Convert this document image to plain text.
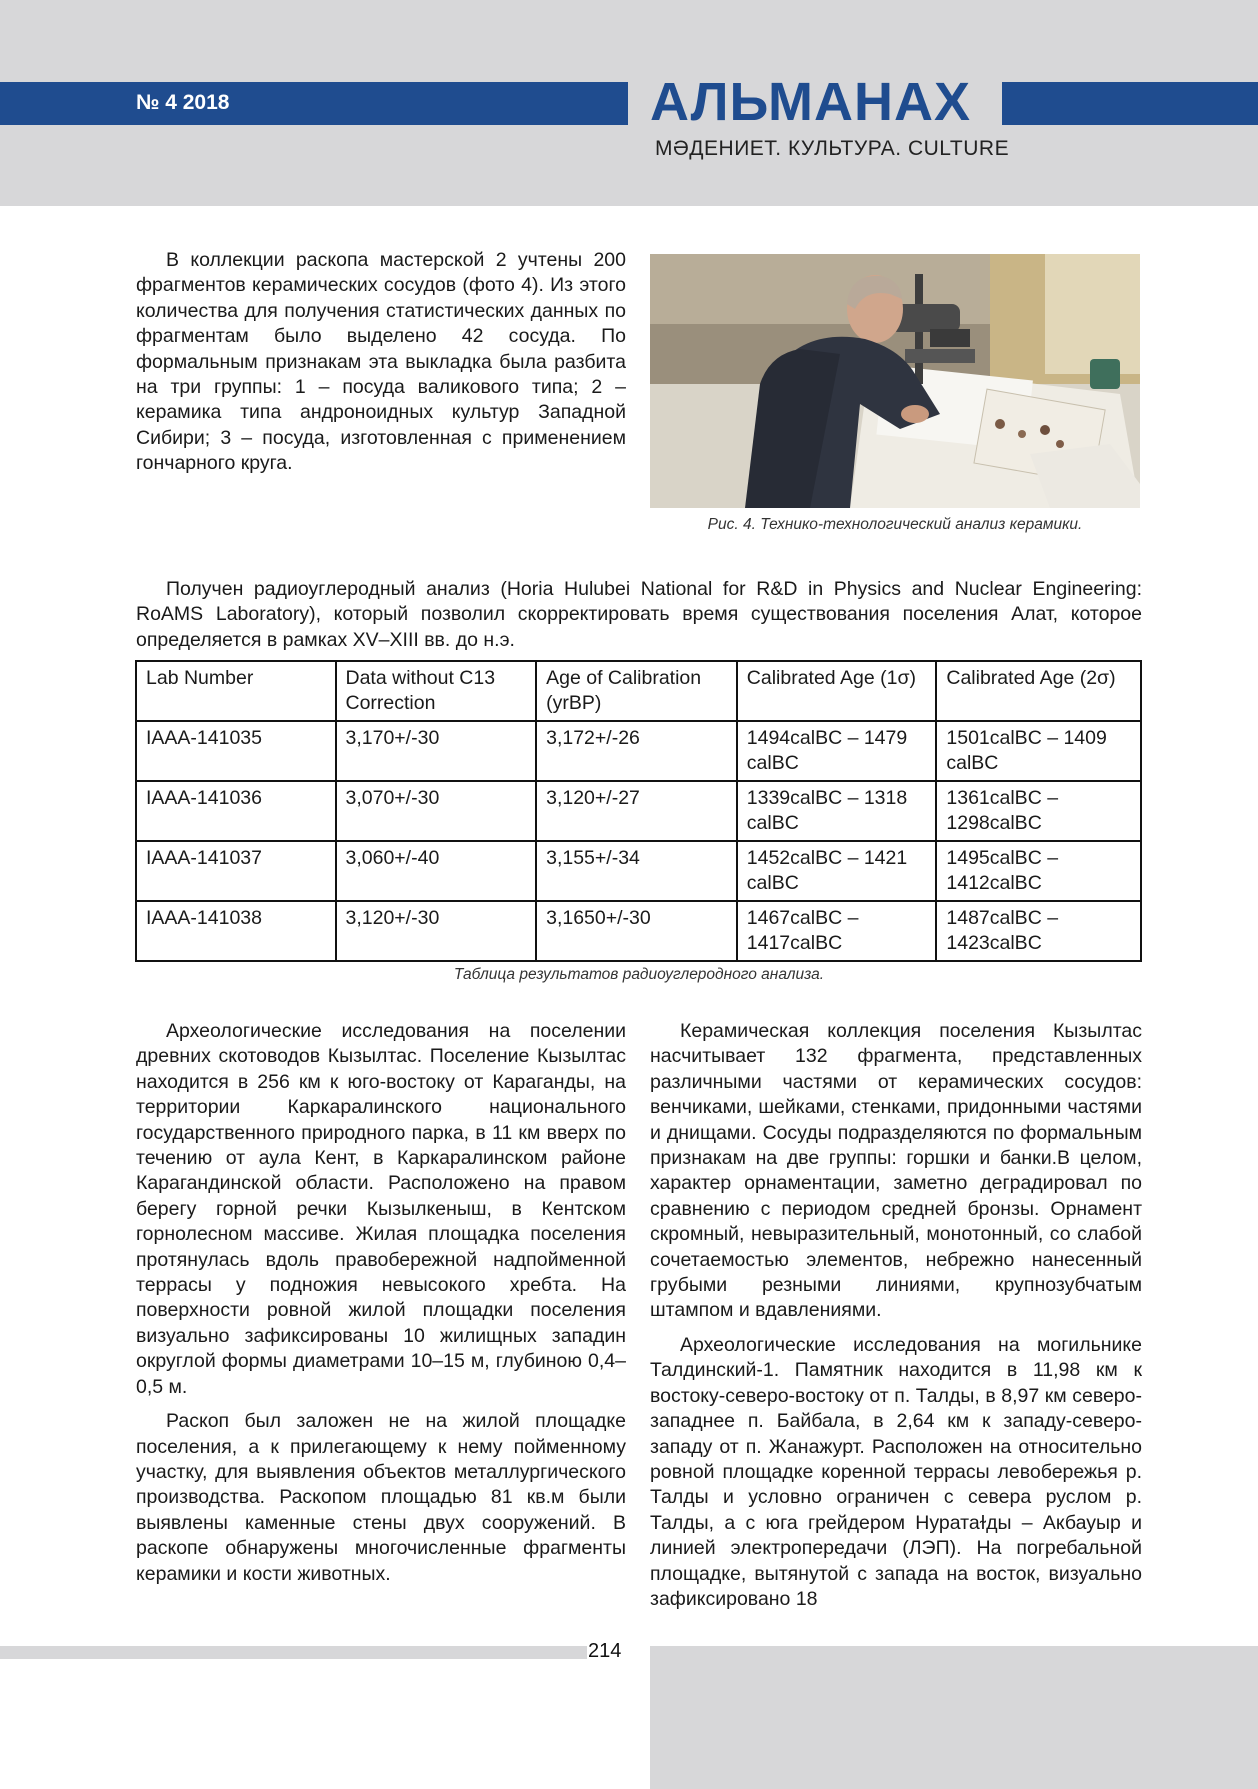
№ 4 2018	АЛЬМАНАХ
МӘДЕНИЕТ. КУЛЬТУРА. CULTURE

В коллекции раскопа мастерской 2 учтены 200 фрагментов керамических сосудов (фото 4). Из этого количества для получения статистических данных по фрагментам было выделено 42 сосуда. По формальным признакам эта выкладка была разбита на три группы: 1 – посуда валикового типа; 2 – керамика типа андроноидных культур Западной Сибири; 3 – посуда, изготовленная с применением гончарного круга.

Рис. 4. Технико-технологический анализ керамики.

Получен радиоуглеродный анализ (Horia Hulubei National for R&D in Physics and Nuclear Engineering: RoAMS Laboratory), который позволил скорректировать время существования поселения Алат, которое определяется в рамках XV–XIII вв. до н.э.

Lab Number	Data without C13 Correction	Age of Calibration (yrBP)	Calibrated Age (1σ)	Calibrated Age (2σ)
IAAA-141035	3,170+/-30	3,172+/-26	1494calBC – 1479 calBC	1501calBC – 1409 calBC
IAAA-141036	3,070+/-30	3,120+/-27	1339calBC – 1318 calBC	1361calBC – 1298calBC
IAAA-141037	3,060+/-40	3,155+/-34	1452calBC – 1421 calBC	1495calBC – 1412calBC
IAAA-141038	3,120+/-30	3,1650+/-30	1467calBC – 1417calBC	1487calBC – 1423calBC
Таблица результатов радиоуглеродного анализа.

Археологические исследования на поселении древних скотоводов Кызылтас. Поселение Кызылтас находится в 256 км к юго-востоку от Караганды, на территории Каркаралинского национального государственного природного парка, в 11 км вверх по течению от аула Кент, в Каркаралинском районе Карагандинской области. Расположено на правом берегу горной речки Кызылкеныш, в Кентском горнолесном массиве. Жилая площадка поселения протянулась вдоль правобережной надпойменной террасы у подножия невысокого хребта. На поверхности ровной жилой площадки поселения визуально зафиксированы 10 жилищных западин округлой формы диаметрами 10–15 м, глубиною 0,4–0,5 м.

Раскоп был заложен не на жилой площадке поселения, а к прилегающему к нему пойменному участку, для выявления объектов металлургического производства. Раскопом площадью 81 кв.м были выявлены каменные стены двух сооружений. В раскопе обнаружены многочисленные фрагменты керамики и кости животных.

Керамическая коллекция поселения Кызылтас насчитывает 132 фрагмента, представленных различными частями от керамических сосудов: венчиками, шейками, стенками, придонными частями и днищами. Сосуды подразделяются по формальным признакам на две группы: горшки и банки.В целом, характер орнаментации, заметно деградировал по сравнению с периодом средней бронзы. Орнамент скромный, невыразительный, монотонный, со слабой сочетаемостью элементов, небрежно нанесенный грубыми резными линиями, крупнозубчатым штампом и вдавлениями.

Археологические исследования на могильнике Талдинский-1. Памятник находится в 11,98 км к востоку-северо-востоку от п. Талды, в 8,97 км северо-западнее п. Байбала, в 2,64 км к западу-северо-западу от п. Жанажурт. Расположен на относительно ровной площадке коренной террасы левобережья р. Талды и условно ограничен с севера руслом р. Талды, а с юга грейдером Нуратаɫды – Акбауыр и линией электропередачи (ЛЭП). На погребальной площадке, вытянутой с запада на восток, визуально зафиксировано 18

214
